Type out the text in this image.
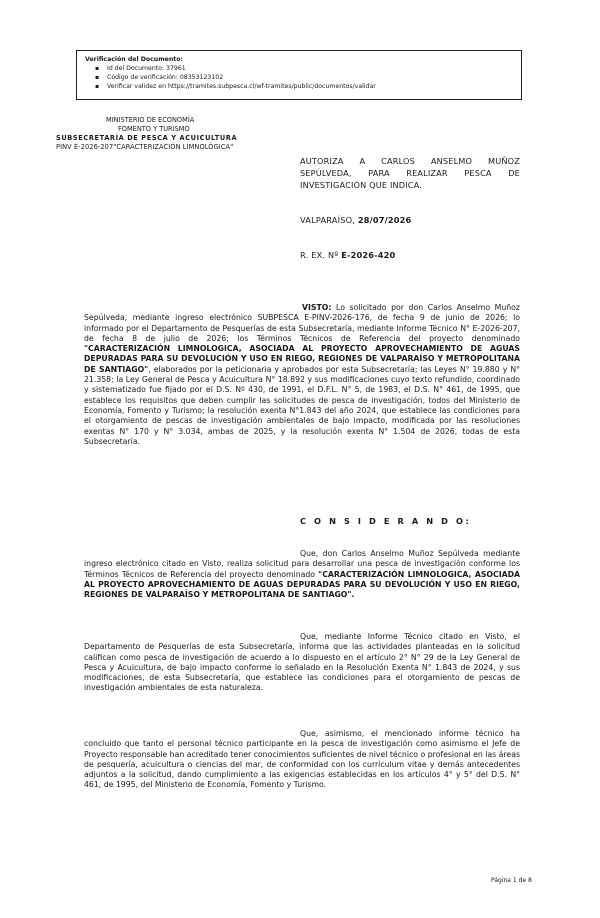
Verificación del Documento:
▪ Id del Documento: 37961
▪ Código de verificación: 08353123102
▪ Verificar validez en https://tramites.subpesca.cl/wf-tramites/public/documentos/validar
MINISTERIO DE ECONOMÍA
FOMENTO Y TURISMO
SUBSECRETARÍA DE PESCA Y ACUICULTURA
PINV E-2026-207"CARACTERIZACIÓN LIMNOLÓGICA"
AUTORIZA A CARLOS ANSELMO MUÑOZ SEPÚLVEDA, PARA REALIZAR PESCA DE INVESTIGACIÓN QUE INDICA.
VALPARAÍSO, 28/07/2026
R. EX. Nº E-2026-420
VISTO: Lo solicitado por don Carlos Anselmo Muñoz Sepúlveda, mediante ingreso electrónico SUBPESCA E-PINV-2026-176, de fecha 9 de junio de 2026; lo informado por el Departamento de Pesquerías de esta Subsecretaría, mediante Informe Técnico N° E-2026-207, de fecha 8 de julio de 2026; los Términos Técnicos de Referencia del proyecto denominado "CARACTERIZACIÓN LIMNOLOGICA, ASOCIADA AL PROYECTO APROVECHAMIENTO DE AGUAS DEPURADAS PARA SU DEVOLUCIÓN Y USO EN RIEGO, REGIONES DE VALPARAÍSO Y METROPOLITANA DE SANTIAGO", elaborados por la peticionaria y aprobados por esta Subsecretaría; las Leyes N° 19.880 y N° 21.358; la Ley General de Pesca y Acuicultura N° 18.892 y sus modificaciones cuyo texto refundido, coordinado y sistematizado fue fijado por el D.S. Nº 430, de 1991, el D.F.L. N° 5, de 1983, el D.S. N° 461, de 1995, que establece los requisitos que deben cumplir las solicitudes de pesca de investigación, todos del Ministerio de Economía, Fomento y Turismo; la resolución exenta N°1.843 del año 2024, que establece las condiciones para el otorgamiento de pescas de investigación ambientales de bajo impacto, modificada por las resoluciones exentas N° 170 y N° 3.034, ambas de 2025, y la resolución exenta N° 1.504 de 2026, todas de esta Subsecretaría.
C O N S I D E R A N D O:
Que, don Carlos Anselmo Muñoz Sepúlveda mediante ingreso electrónico citado en Visto, realiza solicitud para desarrollar una pesca de investigación conforme los Términos Técnicos de Referencia del proyecto denominado "CARACTERIZACIÓN LIMNOLOGICA, ASOCIADA AL PROYECTO APROVECHAMIENTO DE AGUAS DEPURADAS PARA SU DEVOLUCIÓN Y USO EN RIEGO, REGIONES DE VALPARAÍSO Y METROPOLITANA DE SANTIAGO".
Que, mediante Informe Técnico citado en Visto, el Departamento de Pesquerías de esta Subsecretaría, informa que las actividades planteadas en la solicitud califican como pesca de investigación de acuerdo a lo dispuesto en el artículo 2° N° 29 de la Ley General de Pesca y Acuicultura, de bajo impacto conforme lo señalado en la Resolución Exenta N° 1.843 de 2024, y sus modificaciones, de esta Subsecretaría, que establece las condiciones para el otorgamiento de pescas de investigación ambientales de esta naturaleza.
Que, asimismo, el mencionado informe técnico ha concluido que tanto el personal técnico participante en la pesca de investigación como asimismo el Jefe de Proyecto responsable han acreditado tener conocimientos suficientes de nivel técnico o profesional en las áreas de pesquería, acuicultura o ciencias del mar, de conformidad con los currículum vitae y demás antecedentes adjuntos a la solicitud, dando cumplimiento a las exigencias establecidas en los artículos 4° y 5° del D.S. N° 461, de 1995, del Ministerio de Economía, Fomento y Turismo.
Página 1 de 8
